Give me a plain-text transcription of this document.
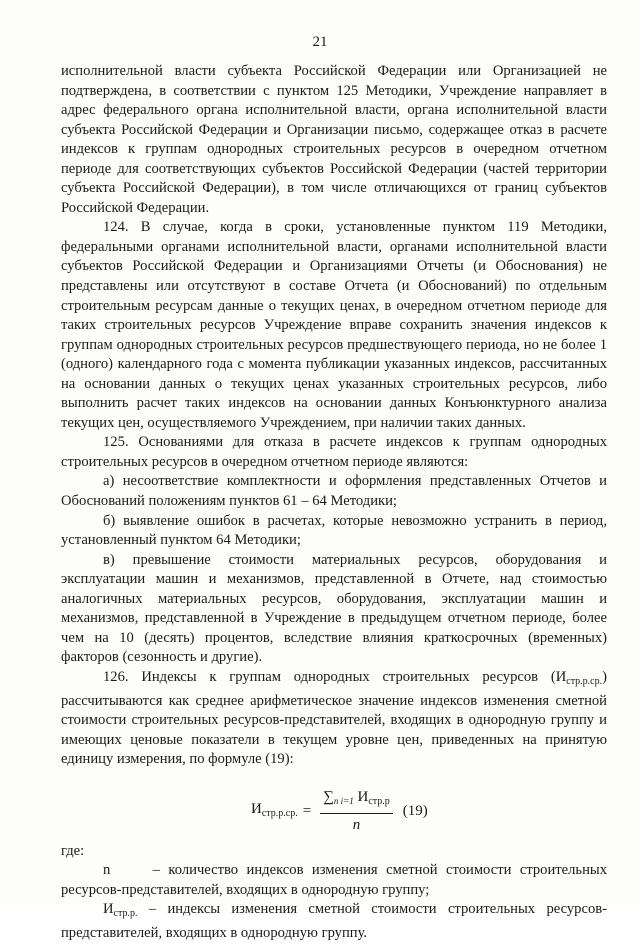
21

исполнительной власти субъекта Российской Федерации или Организацией не подтверждена, в соответствии с пунктом 125 Методики, Учреждение направляет в адрес федерального органа исполнительной власти, органа исполнительной власти субъекта Российской Федерации и Организации письмо, содержащее отказ в расчете индексов к группам однородных строительных ресурсов в очередном отчетном периоде для соответствующих субъектов Российской Федерации (частей территории субъекта Российской Федерации), в том числе отличающихся от границ субъектов Российской Федерации.

124. В случае, когда в сроки, установленные пунктом 119 Методики, федеральными органами исполнительной власти, органами исполнительной власти субъектов Российской Федерации и Организациями Отчеты (и Обоснования) не представлены или отсутствуют в составе Отчета (и Обоснований) по отдельным строительным ресурсам данные о текущих ценах, в очередном отчетном периоде для таких строительных ресурсов Учреждение вправе сохранить значения индексов к группам однородных строительных ресурсов предшествующего периода, но не более 1 (одного) календарного года с момента публикации указанных индексов, рассчитанных на основании данных о текущих ценах указанных строительных ресурсов, либо выполнить расчет таких индексов на основании данных Конъюнктурного анализа текущих цен, осуществляемого Учреждением, при наличии таких данных.

125. Основаниями для отказа в расчете индексов к группам однородных строительных ресурсов в очередном отчетном периоде являются:

а) несоответствие комплектности и оформления представленных Отчетов и Обоснований положениям пунктов 61 – 64 Методики;

б) выявление ошибок в расчетах, которые невозможно устранить в период, установленный пунктом 64 Методики;

в) превышение стоимости материальных ресурсов, оборудования и эксплуатации машин и механизмов, представленной в Отчете, над стоимостью аналогичных материальных ресурсов, оборудования, эксплуатации машин и механизмов, представленной в Учреждение в предыдущем отчетном периоде, более чем на 10 (десять) процентов, вследствие влияния краткосрочных (временных) факторов (сезонность и другие).

126. Индексы к группам однородных строительных ресурсов $(И_{стр.р.ср.})$ рассчитываются как среднее арифметическое значение индексов изменения сметной стоимости строительных ресурсов-представителей, входящих в однородную группу и имеющих ценовые показатели в текущем уровне цен, приведенных на принятую единицу измерения, по формуле (19):

$И_{стр.р.ср.} = \frac{\sum_{n i=1} И_{стр.р}}{n} (19)$

где:

n	– количество индексов изменения сметной стоимости строительных ресурсов-представителей, входящих в однородную группу;

$И_{стр.р.}$ – индексы изменения сметной стоимости строительных ресурсов-представителей, входящих в однородную группу.
